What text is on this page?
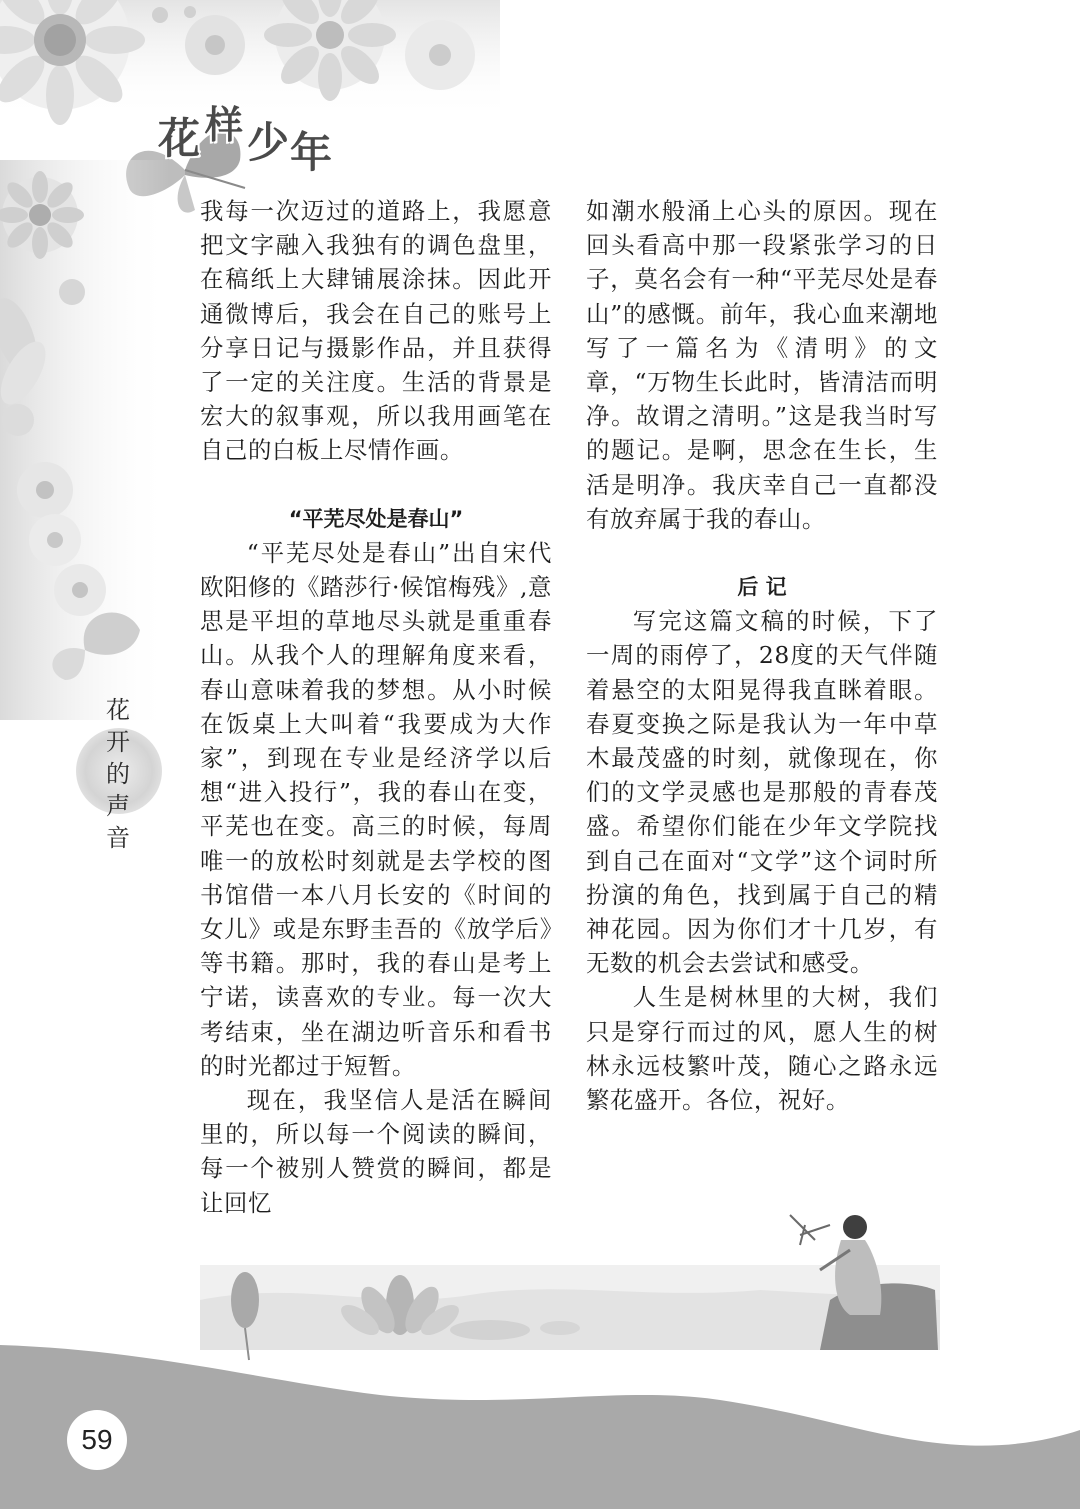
花 样 少 年
花
开
的
声
音

我每一次迈过的道路上，我愿意把文字融入我独有的调色盘里，在稿纸上大肆铺展涂抹。因此开通微博后，我会在自己的账号上分享日记与摄影作品，并且获得了一定的关注度。生活的背景是宏大的叙事观，所以我用画笔在自己的白板上尽情作画。

“平芜尽处是春山”

“平芜尽处是春山”出自宋代欧阳修的《踏莎行·候馆梅残》,意思是平坦的草地尽头就是重重春山。从我个人的理解角度来看，春山意味着我的梦想。从小时候在饭桌上大叫着“我要成为大作家”，到现在专业是经济学以后想“进入投行”，我的春山在变，平芜也在变。高三的时候，每周唯一的放松时刻就是去学校的图书馆借一本八月长安的《时间的女儿》或是东野圭吾的《放学后》等书籍。那时，我的春山是考上宁诺，读喜欢的专业。每一次大考结束，坐在湖边听音乐和看书的时光都过于短暂。

现在，我坚信人是活在瞬间里的，所以每一个阅读的瞬间，每一个被别人赞赏的瞬间，都是让回忆

如潮水般涌上心头的原因。现在回头看高中那一段紧张学习的日子，莫名会有一种“平芜尽处是春山”的感慨。前年，我心血来潮地写了一篇名为《清明》的文章，“万物生长此时，皆清洁而明净。故谓之清明。”这是我当时写的题记。是啊，思念在生长，生活是明净。我庆幸自己一直都没有放弃属于我的春山。

后 记

写完这篇文稿的时候，下了一周的雨停了，28度的天气伴随着悬空的太阳晃得我直眯着眼。春夏变换之际是我认为一年中草木最茂盛的时刻，就像现在，你们的文学灵感也是那般的青春茂盛。希望你们能在少年文学院找到自己在面对“文学”这个词时所扮演的角色，找到属于自己的精神花园。因为你们才十几岁，有无数的机会去尝试和感受。

人生是树林里的大树，我们只是穿行而过的风，愿人生的树林永远枝繁叶茂，随心之路永远繁花盛开。各位，祝好。

59
